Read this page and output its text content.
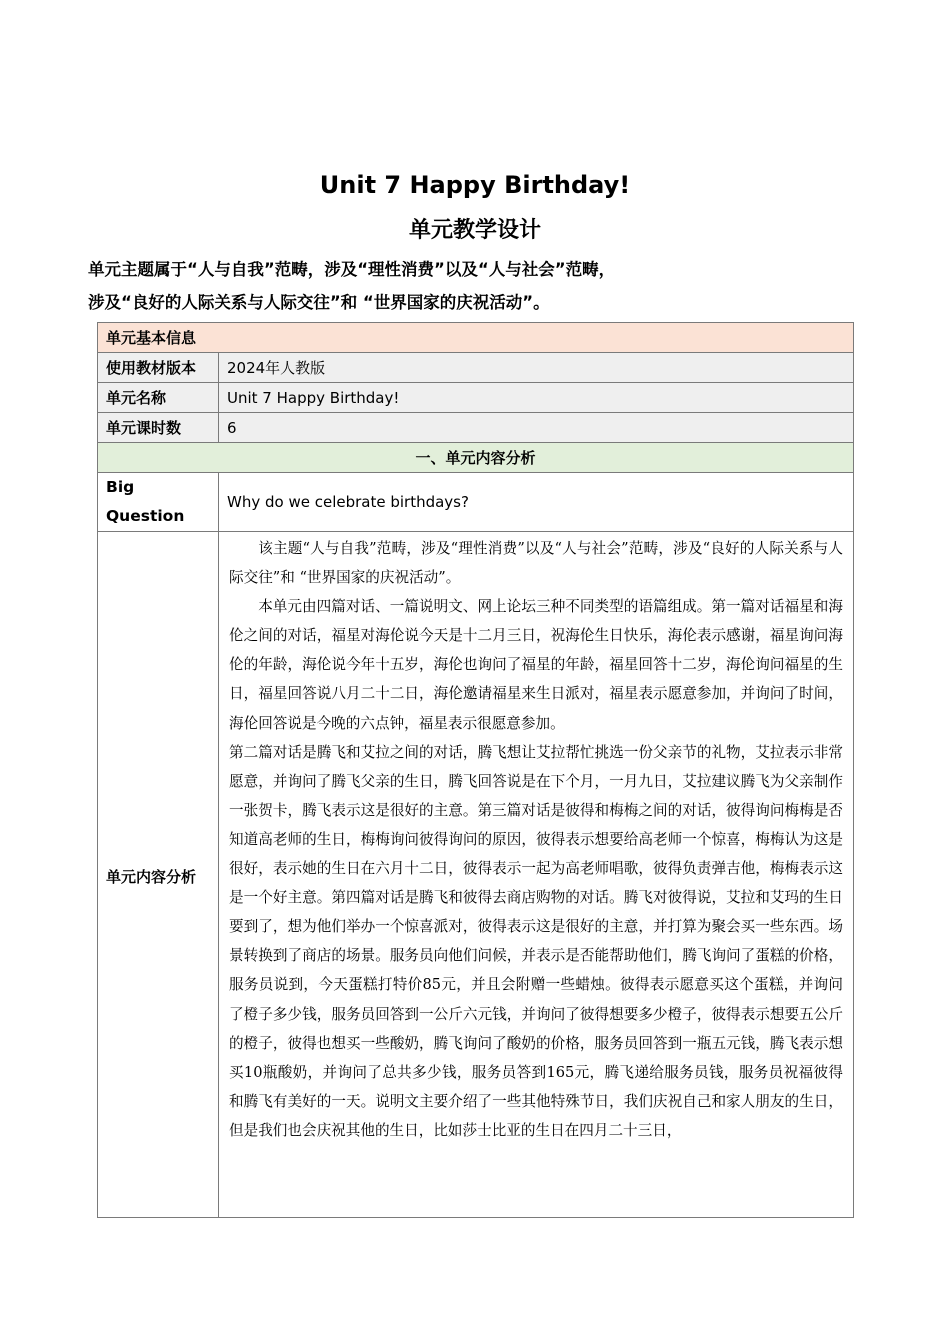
Unit 7 Happy Birthday!
单元教学设计
单元主题属于“人与自我”范畴，涉及“理性消费”以及“人与社会”范畴，
涉及“良好的人际关系与人际交往”和 “世界国家的庆祝活动”。
单元基本信息	
使用教材版本	2024年人教版
单元名称	Unit 7 Happy Birthday!
单元课时数	6
一、单元内容分析	
Big Question	Why do we celebrate birthdays?
单元内容分析	该主题“人与自我”范畴，涉及“理性消费”以及“人与社会”范畴，涉及“良好的人际关系与人际交往”和 “世界国家的庆祝活动”。

本单元由四篇对话、一篇说明文、网上论坛三种不同类型的语篇组成。第一篇对话福星和海伦之间的对话，福星对海伦说今天是十二月三日，祝海伦生日快乐，海伦表示感谢，福星询问海伦的年龄，海伦说今年十五岁，海伦也询问了福星的年龄，福星回答十二岁，海伦询问福星的生日，福星回答说八月二十二日，海伦邀请福星来生日派对，福星表示愿意参加，并询问了时间，海伦回答说是今晚的六点钟，福星表示很愿意参加。

第二篇对话是腾飞和艾拉之间的对话，腾飞想让艾拉帮忙挑选一份父亲节的礼物，艾拉表示非常愿意，并询问了腾飞父亲的生日，腾飞回答说是在下个月，一月九日，艾拉建议腾飞为父亲制作一张贺卡，腾飞表示这是很好的主意。第三篇对话是彼得和梅梅之间的对话，彼得询问梅梅是否知道高老师的生日，梅梅询问彼得询问的原因，彼得表示想要给高老师一个惊喜，梅梅认为这是很好，表示她的生日在六月十二日，彼得表示一起为高老师唱歌，彼得负责弹吉他，梅梅表示这是一个好主意。第四篇对话是腾飞和彼得去商店购物的对话。腾飞对彼得说，艾拉和艾玛的生日要到了，想为他们举办一个惊喜派对，彼得表示这是很好的主意，并打算为聚会买一些东西。场景转换到了商店的场景。服务员向他们问候，并表示是否能帮助他们，腾飞询问了蛋糕的价格，服务员说到，今天蛋糕打特价85元，并且会附赠一些蜡烛。彼得表示愿意买这个蛋糕，并询问了橙子多少钱，服务员回答到一公斤六元钱，并询问了彼得想要多少橙子，彼得表示想要五公斤的橙子，彼得也想买一些酸奶，腾飞询问了酸奶的价格，服务员回答到一瓶五元钱，腾飞表示想买10瓶酸奶，并询问了总共多少钱，服务员答到165元，腾飞递给服务员钱，服务员祝福彼得和腾飞有美好的一天。说明文主要介绍了一些其他特殊节日，我们庆祝自己和家人朋友的生日，但是我们也会庆祝其他的生日，比如莎士比亚的生日在四月二十三日，
